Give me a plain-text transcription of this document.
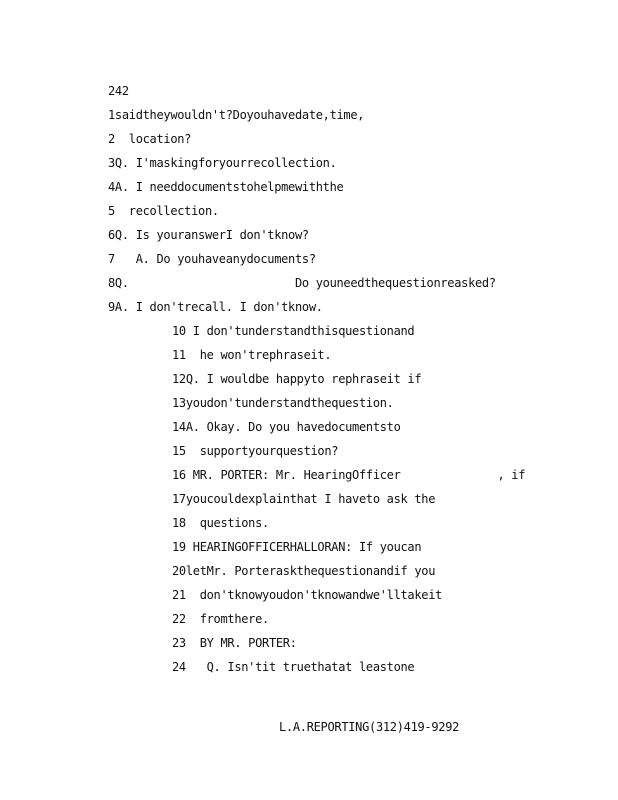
242
1saidtheywouldn't?Doyouhavedate,time,
2  location?
3Q. I'maskingforyourrecollection.
4A. I needdocumentstohelpmewiththe
5  recollection.
6Q. Is youranswerI don'tknow?
7   A. Do youhaveanydocuments?
8Q.                        Do youneedthequestionreasked?
9A. I don'trecall. I don'tknow.
10 I don'tunderstandthisquestionand
11  he won'trephraseit.
12Q. I wouldbe happyto rephraseit if
13youdon'tunderstandthequestion.
14A. Okay. Do you havedocumentsto
15  supportyourquestion?
16 MR. PORTER: Mr. HearingOfficer              , if
17youcouldexplainthat I haveto ask the
18  questions.
19 HEARINGOFFICERHALLORAN: If youcan
20letMr. Porteraskthequestionandif you
21  don'tknowyoudon'tknowandwe'lltakeit
22  fromthere.
23  BY MR. PORTER:
24   Q. Isn'tit truethatat leastone
L.A.REPORTING(312)419-9292
